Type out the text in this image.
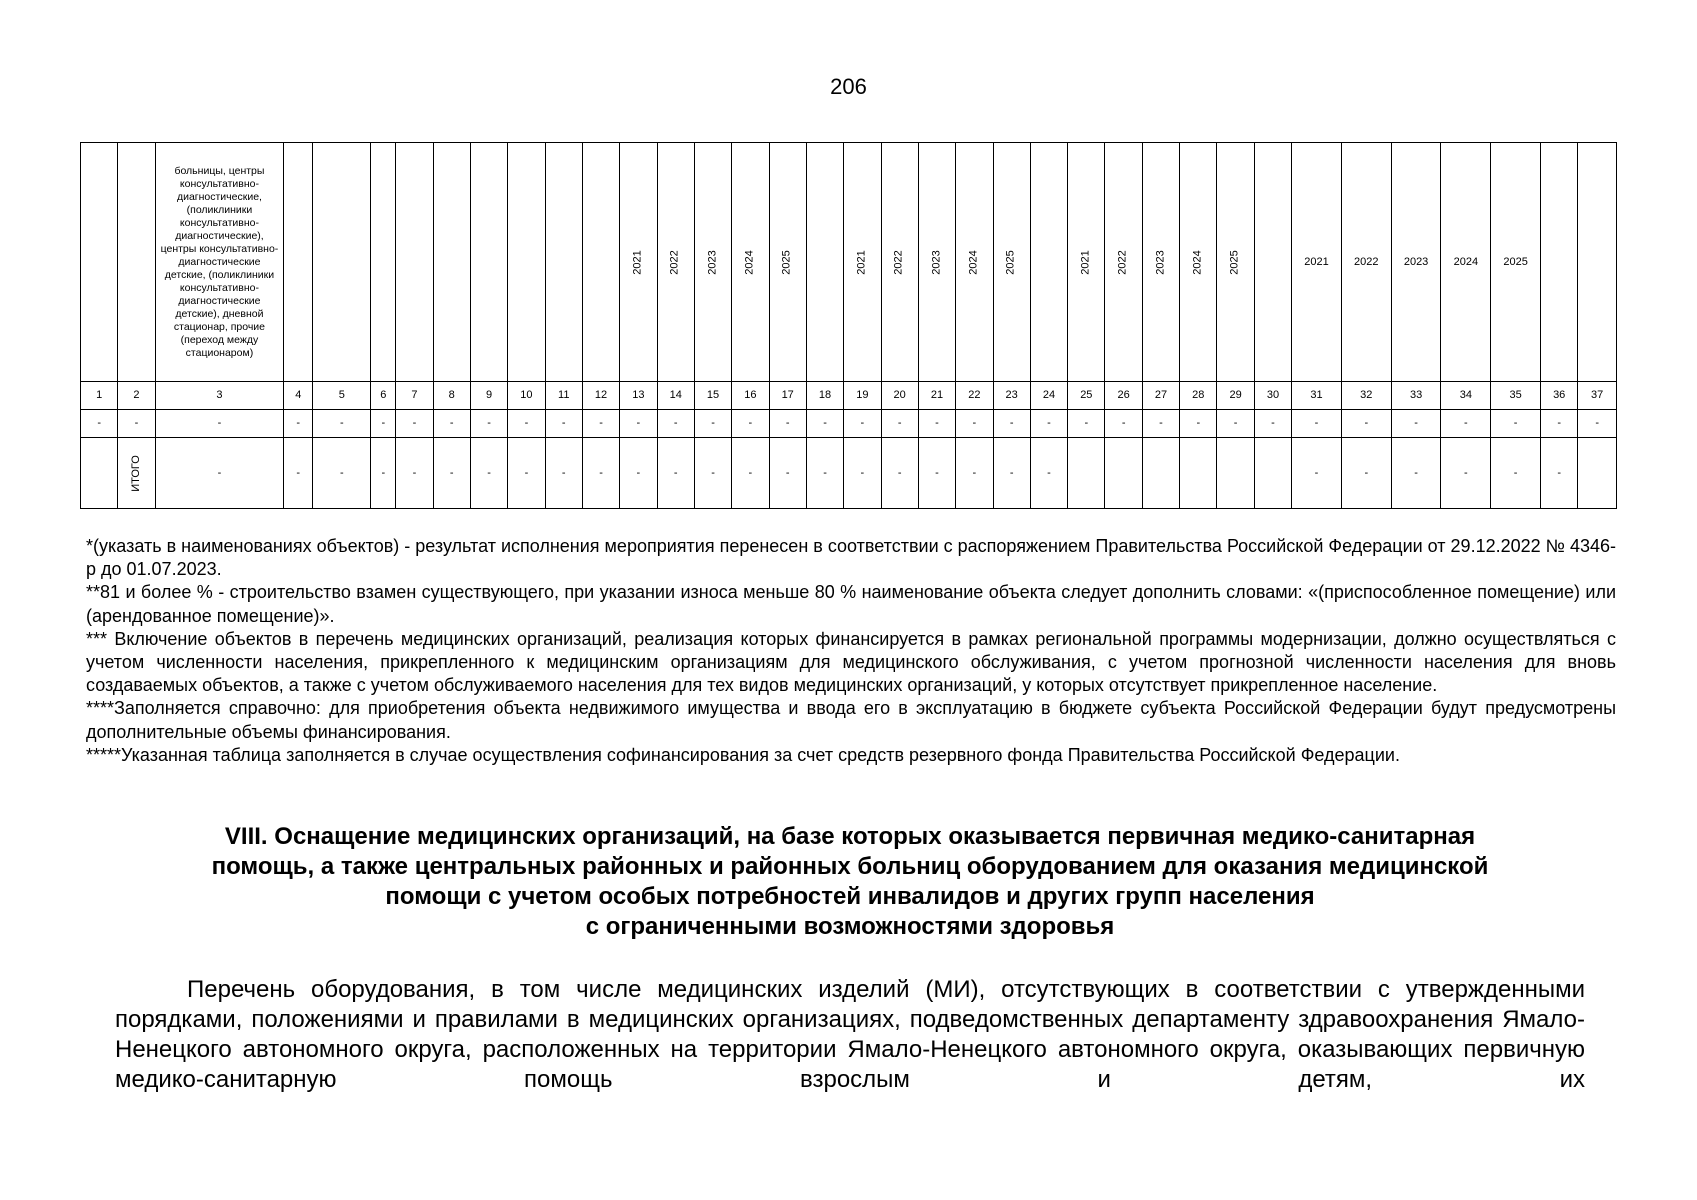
206

		больницы, центры консультативно-диагностические, (поликлиники консультативно-диагностические), центры консультативно-диагностические детские, (поликлиники консультативно-диагностические детские), дневной стационар, прочие (переход между стационаром)										2021	2022	2023	2024	2025		2021	2022	2023	2024	2025		2021	2022	2023	2024	2025		2021	2022	2023	2024	2025		
1	2	3	4	5	6	7	8	9	10	11	12	13	14	15	16	17	18	19	20	21	22	23	24	25	26	27	28	29	30	31	32	33	34	35	36	37
-	-	-	-	-	-	-	-	-	-	-	-	-	-	-	-	-	-	-	-	-	-	-	-	-	-	-	-	-	-	-	-	-	-	-	-	-
	ИТОГО	-	-	-	-	-	-	-	-	-	-	-	-	-	-	-	-	-	-	-	-	-	-							-	-	-	-	-	-	

*(указать в наименованиях объектов) - результат исполнения мероприятия перенесен в соответствии с распоряжением Правительства Российской Федерации от 29.12.2022 № 4346-р до 01.07.2023.

**81 и более % - строительство взамен существующего, при указании износа меньше 80 % наименование объекта следует дополнить словами: «(приспособленное помещение) или (арендованное помещение)».

*** Включение объектов в перечень медицинских организаций, реализация которых финансируется в рамках региональной программы модернизации, должно осуществляться с учетом численности населения, прикрепленного к медицинским организациям для медицинского обслуживания, с учетом прогнозной численности населения для вновь создаваемых объектов, а также с учетом обслуживаемого населения для тех видов медицинских организаций, у которых отсутствует прикрепленное население.

****Заполняется справочно: для приобретения объекта недвижимого имущества и ввода его в эксплуатацию в бюджете субъекта Российской Федерации будут предусмотрены дополнительные объемы финансирования.

*****Указанная таблица заполняется в случае осуществления софинансирования за счет средств резервного фонда Правительства Российской Федерации.

VIII. Оснащение медицинских организаций, на базе которых оказывается первичная медико-санитарная
помощь, а также центральных районных и районных больниц оборудованием для оказания медицинской
помощи с учетом особых потребностей инвалидов и других групп населения
с ограниченными возможностями здоровья
Перечень оборудования, в том числе медицинских изделий (МИ), отсутствующих в соответствии с утвержденными порядками, положениями и правилами в медицинских организациях, подведомственных департаменту здравоохранения Ямало-Ненецкого автономного округа, расположенных на территории Ямало-Ненецкого автономного округа, оказывающих первичную медико-санитарную помощь взрослым и детям, их
